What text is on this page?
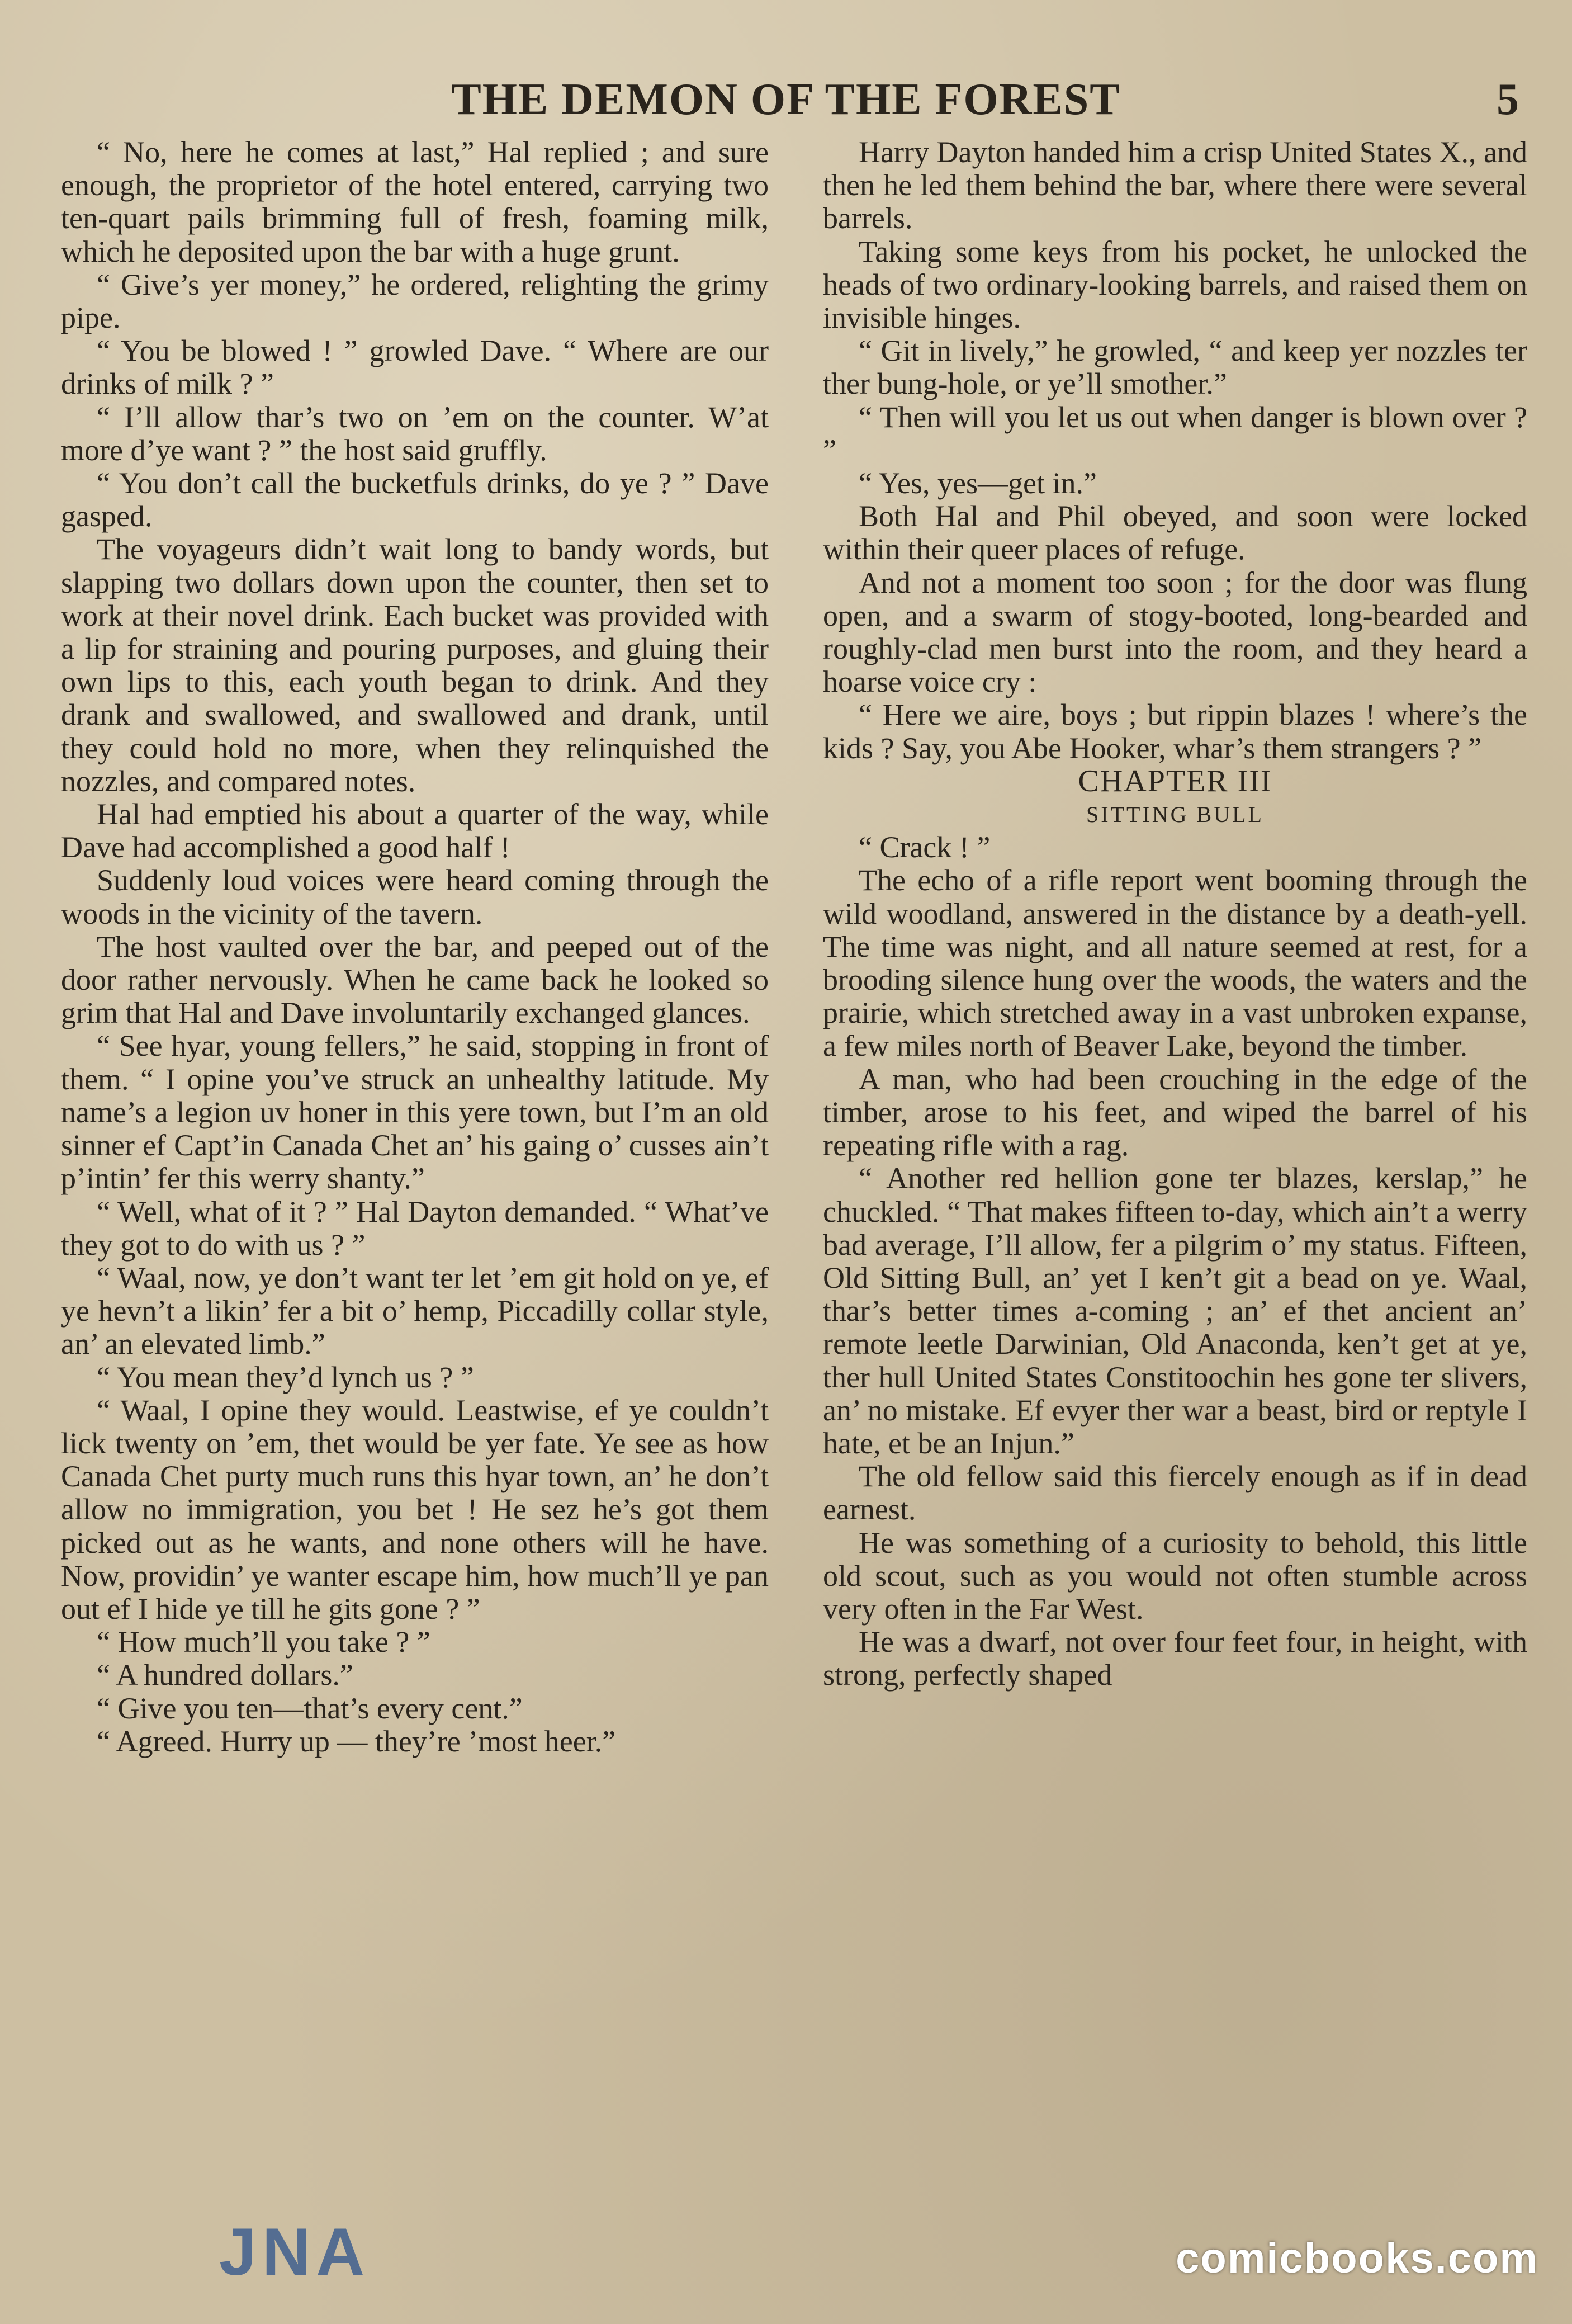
THE DEMON OF THE FOREST	5

“ No, here he comes at last,” Hal replied ; and sure enough, the proprietor of the hotel entered, carrying two ten-quart pails brimming full of fresh, foaming milk, which he deposited upon the bar with a huge grunt.

“ Give’s yer money,” he ordered, relighting the grimy pipe.

“ You be blowed ! ” growled Dave. “ Where are our drinks of milk ? ”

“ I’ll allow thar’s two on ’em on the counter. W’at more d’ye want ? ” the host said gruffly.

“ You don’t call the bucketfuls drinks, do ye ? ” Dave gasped.

The voyageurs didn’t wait long to bandy words, but slapping two dollars down upon the counter, then set to work at their novel drink. Each bucket was provided with a lip for straining and pouring purposes, and gluing their own lips to this, each youth began to drink. And they drank and swallowed, and swallowed and drank, until they could hold no more, when they relinquished the nozzles, and compared notes.

Hal had emptied his about a quarter of the way, while Dave had accomplished a good half !

Suddenly loud voices were heard coming through the woods in the vicinity of the tavern.

The host vaulted over the bar, and peeped out of the door rather nervously. When he came back he looked so grim that Hal and Dave involuntarily exchanged glances.

“ See hyar, young fellers,” he said, stopping in front of them. “ I opine you’ve struck an unhealthy latitude. My name’s a legion uv honer in this yere town, but I’m an old sinner ef Capt’in Canada Chet an’ his gaing o’ cusses ain’t p’intin’ fer this werry shanty.”

“ Well, what of it ? ” Hal Dayton demanded. “ What’ve they got to do with us ? ”

“ Waal, now, ye don’t want ter let ’em git hold on ye, ef ye hevn’t a likin’ fer a bit o’ hemp, Piccadilly collar style, an’ an elevated limb.”

“ You mean they’d lynch us ? ”

“ Waal, I opine they would. Leastwise, ef ye couldn’t lick twenty on ’em, thet would be yer fate. Ye see as how Canada Chet purty much runs this hyar town, an’ he don’t allow no immigration, you bet ! He sez he’s got them picked out as he wants, and none others will he have. Now, providin’ ye wanter escape him, how much’ll ye pan out ef I hide ye till he gits gone ? ”

“ How much’ll you take ? ”

“ A hundred dollars.”

“ Give you ten—that’s every cent.”

“ Agreed. Hurry up — they’re ’most heer.”

Harry Dayton handed him a crisp United States X., and then he led them behind the bar, where there were several barrels.

Taking some keys from his pocket, he unlocked the heads of two ordinary-looking barrels, and raised them on invisible hinges.

“ Git in lively,” he growled, “ and keep yer nozzles ter ther bung-hole, or ye’ll smother.”

“ Then will you let us out when danger is blown over ? ”

“ Yes, yes—get in.”

Both Hal and Phil obeyed, and soon were locked within their queer places of refuge.

And not a moment too soon ; for the door was flung open, and a swarm of stogy-booted, long-bearded and roughly-clad men burst into the room, and they heard a hoarse voice cry :

“ Here we aire, boys ; but rippin blazes ! where’s the kids ? Say, you Abe Hooker, whar’s them strangers ? ”

CHAPTER III

SITTING BULL

“ Crack ! ”

The echo of a rifle report went booming through the wild woodland, answered in the distance by a death-yell. The time was night, and all nature seemed at rest, for a brooding silence hung over the woods, the waters and the prairie, which stretched away in a vast unbroken expanse, a few miles north of Beaver Lake, beyond the timber.

A man, who had been crouching in the edge of the timber, arose to his feet, and wiped the barrel of his repeating rifle with a rag.

“ Another red hellion gone ter blazes, kerslap,” he chuckled. “ That makes fifteen to-day, which ain’t a werry bad average, I’ll allow, fer a pilgrim o’ my status. Fifteen, Old Sitting Bull, an’ yet I ken’t git a bead on ye. Waal, thar’s better times a-coming ; an’ ef thet ancient an’ remote leetle Darwinian, Old Anaconda, ken’t get at ye, ther hull United States Constitoochin hes gone ter slivers, an’ no mistake. Ef evyer ther war a beast, bird or reptyle I hate, et be an Injun.”

The old fellow said this fiercely enough as if in dead earnest.

He was something of a curiosity to behold, this little old scout, such as you would not often stumble across very often in the Far West.

He was a dwarf, not over four feet four, in height, with strong, perfectly shaped

JNA	comicbooks.com
